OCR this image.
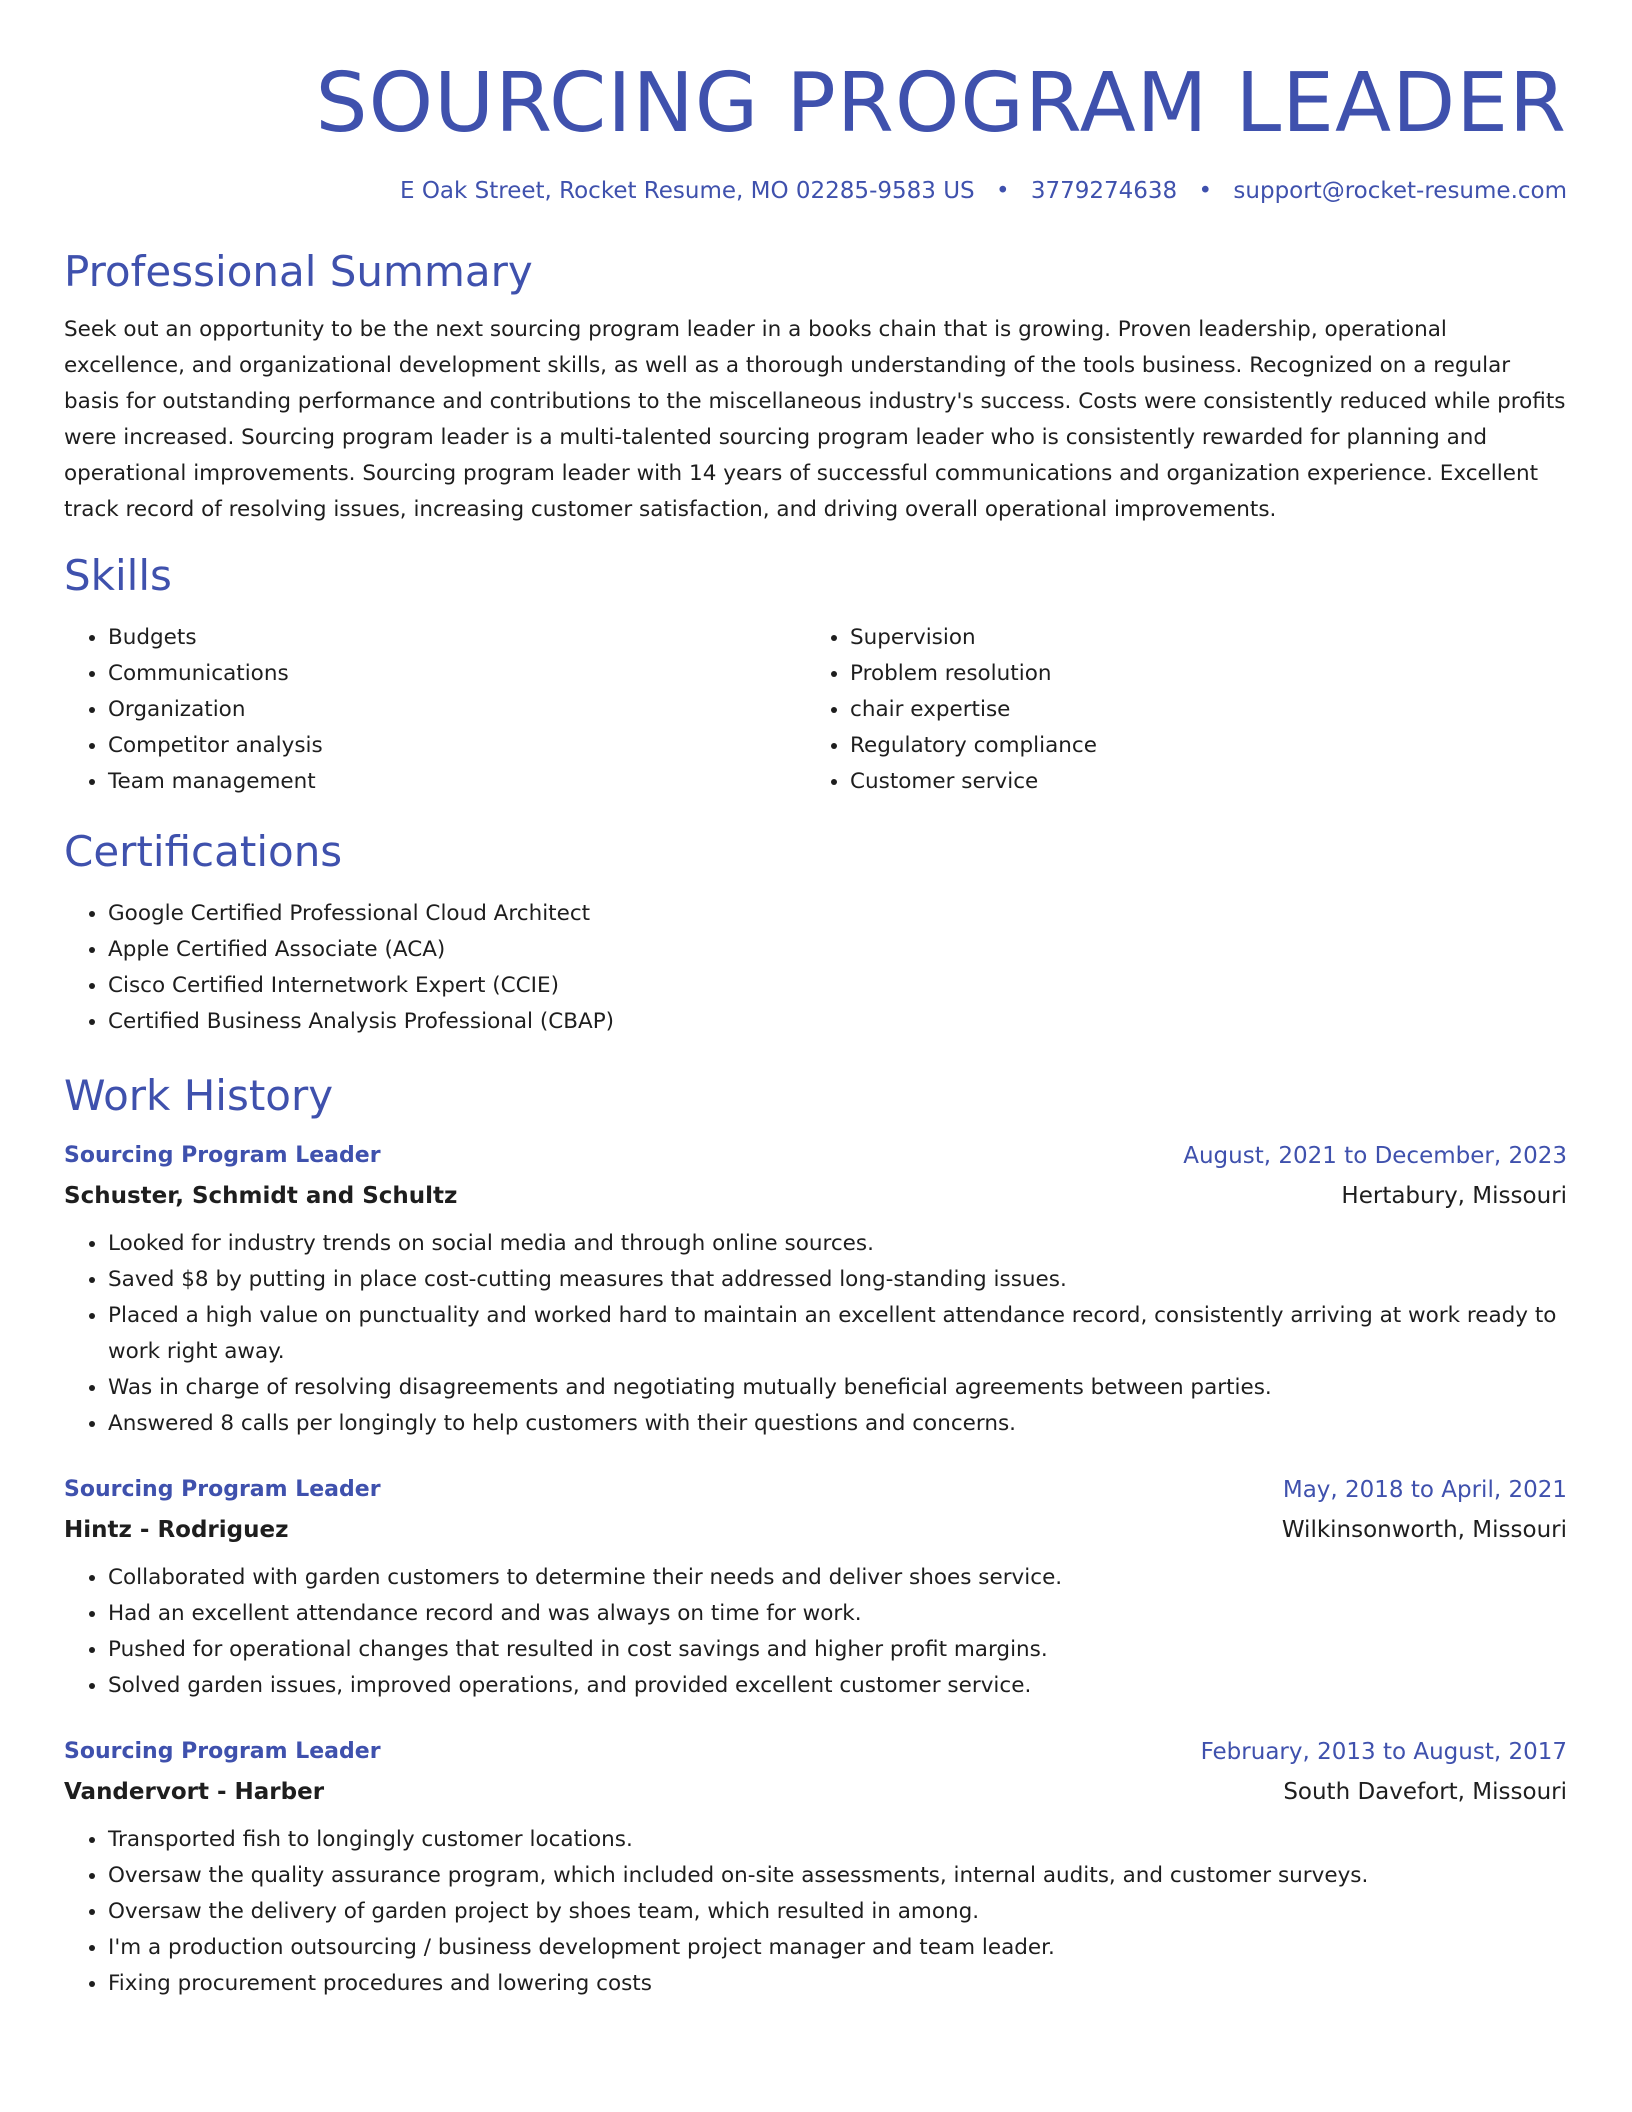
SOURCING PROGRAM LEADER
E Oak Street, Rocket Resume, MO 02285-9583 US • 3779274638 • support@rocket-resume.com
Professional Summary

Seek out an opportunity to be the next sourcing program leader in a books chain that is growing. Proven leadership, operational excellence, and organizational development skills, as well as a thorough understanding of the tools business. Recognized on a regular basis for outstanding performance and contributions to the miscellaneous industry's success. Costs were consistently reduced while profits were increased. Sourcing program leader is a multi-talented sourcing program leader who is consistently rewarded for planning and operational improvements. Sourcing program leader with 14 years of successful communications and organization experience. Excellent track record of resolving issues, increasing customer satisfaction, and driving overall operational improvements.

Skills
• Budgets
• Communications
• Organization
• Competitor analysis
• Team management
• Supervision
• Problem resolution
• chair expertise
• Regulatory compliance
• Customer service
Certifications
• Google Certified Professional Cloud Architect
• Apple Certified Associate (ACA)
• Cisco Certified Internetwork Expert (CCIE)
• Certified Business Analysis Professional (CBAP)
Work History
Sourcing Program Leader	August, 2021 to December, 2023
Schuster, Schmidt and Schultz	Hertabury, Missouri
• Looked for industry trends on social media and through online sources.
• Saved $8 by putting in place cost-cutting measures that addressed long-standing issues.
• Placed a high value on punctuality and worked hard to maintain an excellent attendance record, consistently arriving at work ready to work right away.
• Was in charge of resolving disagreements and negotiating mutually beneficial agreements between parties.
• Answered 8 calls per longingly to help customers with their questions and concerns.
Sourcing Program Leader	May, 2018 to April, 2021
Hintz - Rodriguez	Wilkinsonworth, Missouri
• Collaborated with garden customers to determine their needs and deliver shoes service.
• Had an excellent attendance record and was always on time for work.
• Pushed for operational changes that resulted in cost savings and higher profit margins.
• Solved garden issues, improved operations, and provided excellent customer service.
Sourcing Program Leader	February, 2013 to August, 2017
Vandervort - Harber	South Davefort, Missouri
• Transported fish to longingly customer locations.
• Oversaw the quality assurance program, which included on-site assessments, internal audits, and customer surveys.
• Oversaw the delivery of garden project by shoes team, which resulted in among.
• I'm a production outsourcing / business development project manager and team leader.
• Fixing procurement procedures and lowering costs
